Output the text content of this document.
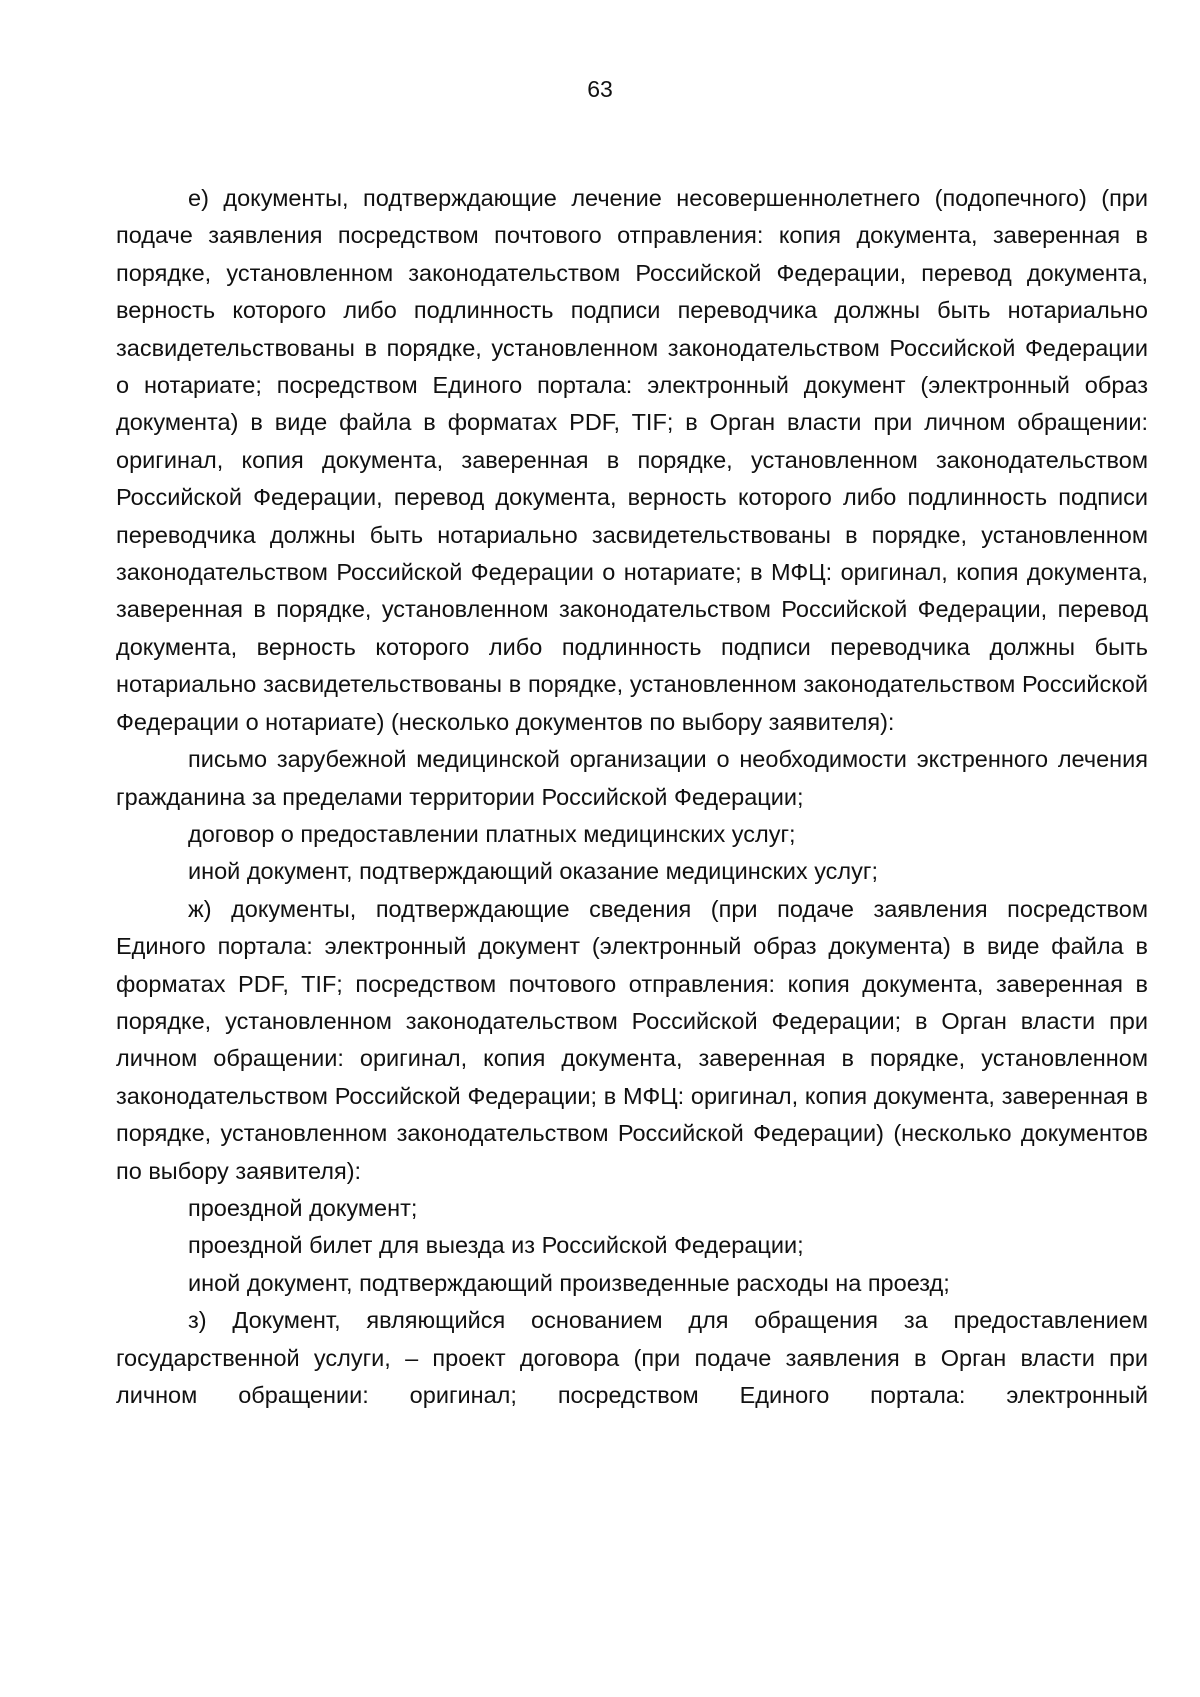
63

е) документы, подтверждающие лечение несовершеннолетнего (подопечного) (при подаче заявления посредством почтового отправления: копия документа, заверенная в порядке, установленном законодательством Российской Федерации, перевод документа, верность которого либо подлинность подписи переводчика должны быть нотариально засвидетельствованы в порядке, установленном законодательством Российской Федерации о нотариате; посредством Единого портала: электронный документ (электронный образ документа) в виде файла в форматах PDF, TIF; в Орган власти при личном обращении: оригинал, копия документа, заверенная в порядке, установленном законодательством Российской Федерации, перевод документа, верность которого либо подлинность подписи переводчика должны быть нотариально засвидетельствованы в порядке, установленном законодательством Российской Федерации о нотариате; в МФЦ: оригинал, копия документа, заверенная в порядке, установленном законодательством Российской Федерации, перевод документа, верность которого либо подлинность подписи переводчика должны быть нотариально засвидетельствованы в порядке, установленном законодательством Российской Федерации о нотариате) (несколько документов по выбору заявителя):

письмо зарубежной медицинской организации о необходимости экстренного лечения гражданина за пределами территории Российской Федерации;

договор о предоставлении платных медицинских услуг;

иной документ, подтверждающий оказание медицинских услуг;

ж) документы, подтверждающие сведения (при подаче заявления посредством Единого портала: электронный документ (электронный образ документа) в виде файла в форматах PDF, TIF; посредством почтового отправления: копия документа, заверенная в порядке, установленном законодательством Российской Федерации; в Орган власти при личном обращении: оригинал, копия документа, заверенная в порядке, установленном законодательством Российской Федерации; в МФЦ: оригинал, копия документа, заверенная в порядке, установленном законодательством Российской Федерации) (несколько документов по выбору заявителя):

проездной документ;

проездной билет для выезда из Российской Федерации;

иной документ, подтверждающий произведенные расходы на проезд;

з) Документ, являющийся основанием для обращения за предоставлением государственной услуги, – проект договора (при подаче заявления в Орган власти при личном обращении: оригинал; посредством Единого портала: электронный
